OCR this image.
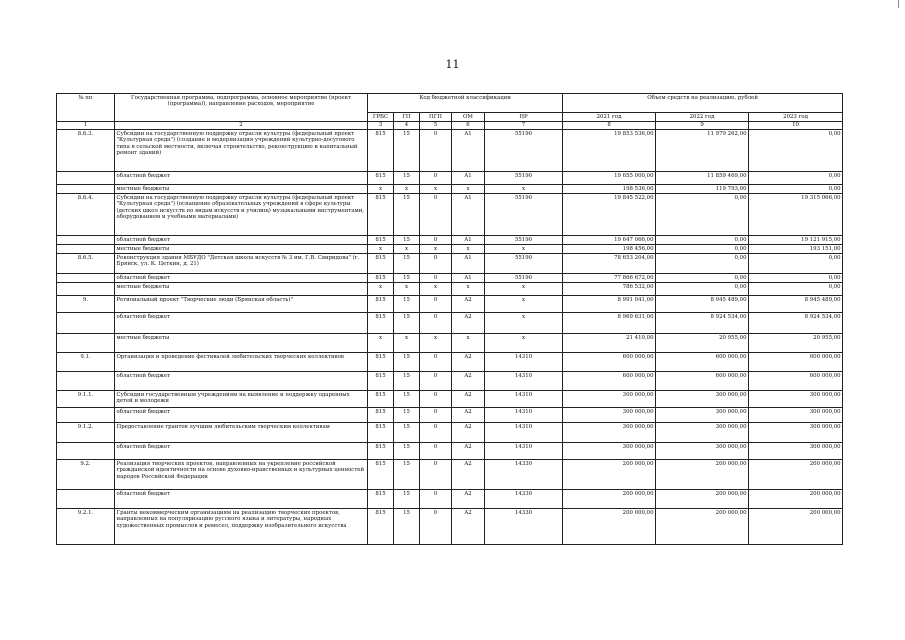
11
№ пп	Государственная программа, подпрограмма, основное мероприятие (проект (программа)), направление расходов, мероприятие	Код бюджетной классификации					Объем средств на реализацию, рублей		
		ГРБС	ГП	ПГП	ОМ	НР	2021 год	2022 год	2023 год
1	2	3	4	5	6	7	8	9	10
8.6.3.	Субсидии на государственную поддержку отрасли культуры (федеральный проект "Культурная среда") (создание и модернизация учреждений культурно-досугового типа в сельской местности, включая строительство, реконструкцию и капитальный ремонт зданий)	815	15	0	A1	55190	19 853 536,00	11 979 262,00	0,00
	областной бюджет	815	15	0	A1	55190	19 655 000,00	11 859 469,00	0,00
	местные бюджеты	x	x	x	x	x	198 536,00	119 793,00	0,00
8.6.4.	Субсидии на государственную поддержку отрасли культуры (федеральный проект "Культурная среда") (оснащение образовательных учреждений в сфере культуры (детских школ искусств по видам искусств и училищ) музыкальными инструментами, оборудованием и учебными материалами)	815	15	0	A1	55190	19 845 522,00	0,00	19 315 066,00
	областной бюджет	815	15	0	A1	55190	19 647 066,00	0,00	19 121 915,00
	местные бюджеты	x	x	x	x	x	198 456,00	0,00	193 151,00
8.6.5.	Реконструкция здания МБУДО "Детская школа искусств № 3 им. Г.В. Свиридова" (г. Брянск, ул. К. Цеткин, д. 21)	815	15	0	A1	55190	78 653 204,00	0,00	0,00
	областной бюджет	815	15	0	A1	55190	77 866 672,00	0,00	0,00
	местные бюджеты	x	x	x	x	x	786 532,00	0,00	0,00
9.	Региональный проект "Творческие люди (Брянская область)"	815	15	0	A2	x	8 991 041,00	8 945 489,00	8 945 489,00
	областной бюджет	815	15	0	A2	x	8 969 631,00	8 924 534,00	8 924 534,00
	местные бюджеты	x	x	x	x	x	21 410,00	20 955,00	20 955,00
9.1.	Организация и проведение фестивалей любительских творческих коллективов	815	15	0	A2	14310	600 000,00	600 000,00	600 000,00
	областной бюджет	815	15	0	A2	14310	600 000,00	600 000,00	600 000,00
9.1.1.	Субсидии государственным учреждениям на выявление и поддержку одаренных детей и молодежи	815	15	0	A2	14310	300 000,00	300 000,00	300 000,00
	областной бюджет	815	15	0	A2	14310	300 000,00	300 000,00	300 000,00
9.1.2.	Предоставление грантов лучшим любительским творческим коллективам	815	15	0	A2	14310	300 000,00	300 000,00	300 000,00
	областной бюджет	815	15	0	A2	14310	300 000,00	300 000,00	300 000,00
9.2.	Реализация творческих проектов, направленных на укрепление российской гражданской идентичности на основе духовно-нравственных и культурных ценностей народов Российской Федерации	815	15	0	A2	14330	200 000,00	200 000,00	200 000,00
	областной бюджет	815	15	0	A2	14330	200 000,00	200 000,00	200 000,00
9.2.1.	Гранты некоммерческим организациям на реализацию творческих проектов, направленных на популяризацию русского языка и литературы, народных художественных промыслов и ремесел, поддержку изобразительного искусства	815	15	0	A2	14330	200 000,00	200 000,00	200 000,00
